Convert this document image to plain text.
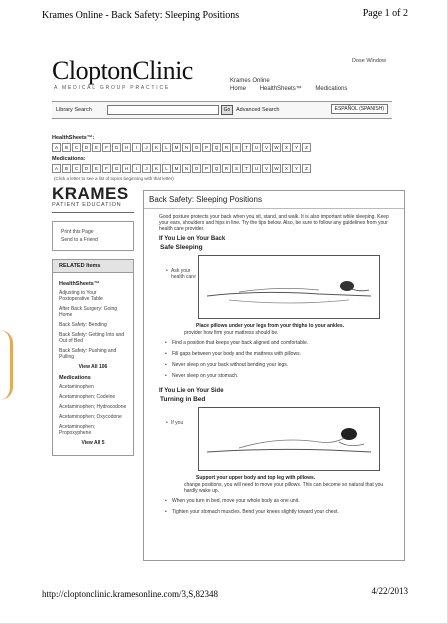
Krames Online - Back Safety: Sleeping Positions	Page 1 of 2
CloptonClinic
A MEDICAL GROUP PRACTICE
Krames Online
Home HealthSheets™ Medications
Dose Window
Library Search	Go	Advanced Search	ESPAÑOL (SPANISH)
HealthSheets™:
A	B	C	D	E	F	G	H	I	J	K	L	M	N	O	P	Q	R	S	T	U	V	W	X	Y	Z
Medications:
A	B	C	D	E	F	G	H	I	J	K	L	M	N	O	P	Q	R	S	T	U	V	W	X	Y	Z
(Click a letter to see a list of topics beginning with that letter)
KRAMES
PATIENT EDUCATION
Print this Page
Send to a Friend
RELATED Items
HealthSheets™
Adjusting to Your Postoperative Table
After Back Surgery: Going Home
Back Safety: Bending
Back Safety: Getting Into and Out of Bed
Back Safety: Pushing and Pulling
View All 106
Medications
Acetaminophen
Acetaminophen; Codeine
Acetaminophen; Hydrocodone
Acetaminophen; Oxycodone
Acetaminophen; Propoxyphene
View All 5
Back Safety: Sleeping Positions
Good posture protects your back when you sit, stand, and walk. It is also important while sleeping. Keep your ears, shoulders and hips in line. Try the tips below. Also, be sure to follow any guidelines from your health care provider.
If You Lie on Your Back
Safe Sleeping
• Ask your health care
Place pillows under your legs from your thighs to your ankles.
provider how firm your mattress should be.
• Find a position that keeps your back aligned and comfortable.
• Fill gaps between your body and the mattress with pillows.
• Never sleep on your back without bending your legs.
• Never sleep on your stomach.
If You Lie on Your Side
Turning in Bed
• If you
Support your upper body and top leg with pillows.
change positions, you will need to move your pillows. This can become so natural that you hardly wake up.
• When you turn in bed, move your whole body as one unit.
• Tighten your stomach muscles. Bend your knees slightly toward your chest.
http://cloptonclinic.kramesonline.com/3,S,82348	4/22/2013
